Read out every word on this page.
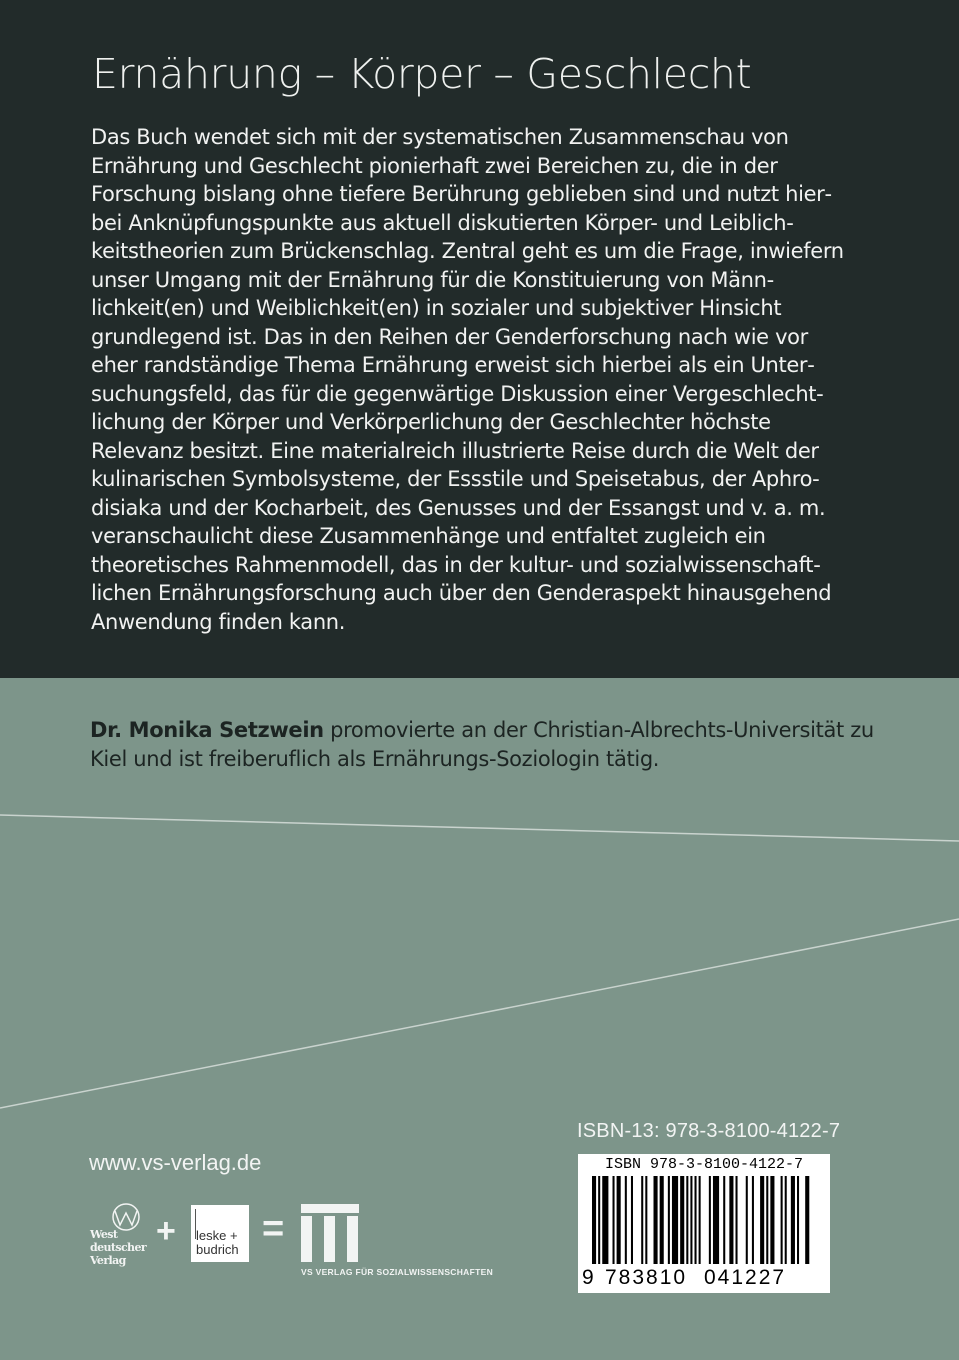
Ernährung – Körper – Geschlecht

Das Buch wendet sich mit der systematischen Zusammenschau von Ernährung und Geschlecht pionierhaft zwei Bereichen zu, die in der Forschung bislang ohne tiefere Berührung geblieben sind und nutzt hierbei Anknüpfungspunkte aus aktuell diskutierten Körper- und Leiblichkeitstheorien zum Brückenschlag. Zentral geht es um die Frage, inwiefern unser Umgang mit der Ernährung für die Konstituierung von Männlichkeit(en) und Weiblichkeit(en) in sozialer und subjektiver Hinsicht grundlegend ist. Das in den Reihen der Genderforschung nach wie vor eher randständige Thema Ernährung erweist sich hierbei als ein Untersuchungsfeld, das für die gegenwärtige Diskussion einer Vergeschlechtlichung der Körper und Verkörperlichung der Geschlechter höchste Relevanz besitzt. Eine materialreich illustrierte Reise durch die Welt der kulinarischen Symbolsysteme, der Essstile und Speisetabus, der Aphrodisiaka und der Kocharbeit, des Genusses und der Essangst und v. a. m. veranschaulicht diese Zusammenhänge und entfaltet zugleich ein theoretisches Rahmenmodell, das in der kultur- und sozialwissenschaftlichen Ernährungsforschung auch über den Genderaspekt hinausgehend Anwendung finden kann.

Dr. Monika Setzwein promovierte an der Christian-Albrechts-Universität zu Kiel und ist freiberuflich als Ernährungs-Soziologin tätig.

ISBN-13: 978-3-8100-4122-7
www.vs-verlag.de	ISBN 978-3-8100-4122-7
9 783810 041227
West
deutscher
Verlag
+ leske +
budrich =
VS VERLAG FÜR SOZIALWISSENSCHAFTEN
